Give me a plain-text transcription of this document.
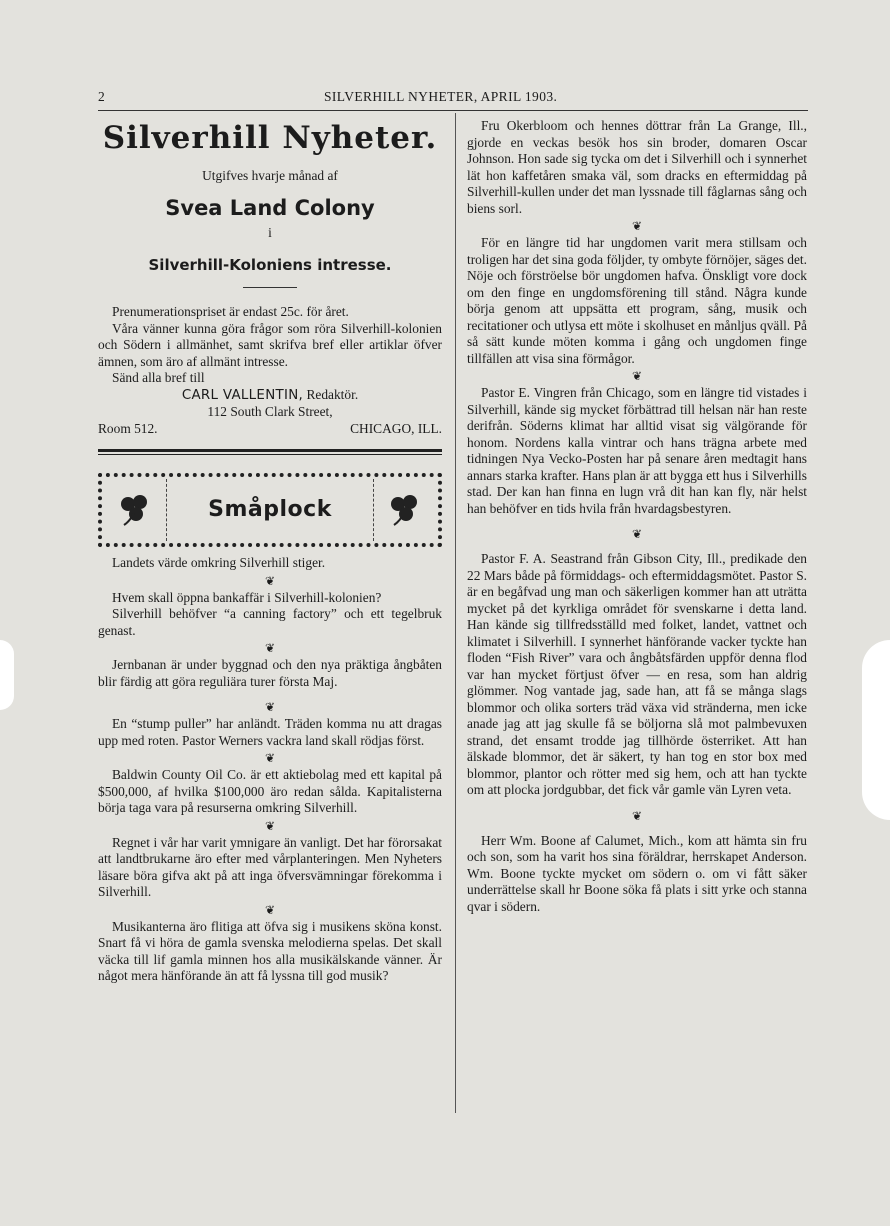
2	SILVERHILL NYHETER, APRIL 1903.
Silverhill Nyheter.
Utgifves hvarje månad af
Svea Land Colony
i
Silverhill-Koloniens intresse.

Prenumerationspriset är endast 25c. för året.

Våra vänner kunna göra frågor som röra Silverhill-kolonien och Södern i allmänhet, samt skrifva bref eller artiklar öfver ämnen, som äro af allmänt intresse.

Sänd alla bref till

CARL VALLENTIN, Redaktör.
112 South Clark Street,
Room 512.	CHICAGO, ILL.
Småplock

Landets värde omkring Silverhill stiger.

❦

Hvem skall öppna bankaffär i Silverhill-kolonien?

Silverhill behöfver “a canning factory” och ett tegelbruk genast.

❦

Jernbanan är under byggnad och den nya präktiga ångbåten blir färdig att göra reguliära turer första Maj.

❦

En “stump puller” har anländt. Träden komma nu att dragas upp med roten. Pastor Werners vackra land skall rödjas först.

❦

Baldwin County Oil Co. är ett aktiebolag med ett kapital på $500,000, af hvilka $100,000 äro redan sålda. Kapitalisterna börja taga vara på resurserna omkring Silverhill.

❦

Regnet i vår har varit ymnigare än vanligt. Det har förorsakat att landtbrukarne äro efter med vårplanteringen. Men Nyheters läsare böra gifva akt på att inga öfversvämningar förekomma i Silverhill.

❦

Musikanterna äro flitiga att öfva sig i musikens sköna konst. Snart få vi höra de gamla svenska melodierna spelas. Det skall väcka till lif gamla minnen hos alla musikälskande vänner. Är något mera hänförande än att få lyssna till god musik?

Fru Okerbloom och hennes döttrar från La Grange, Ill., gjorde en veckas besök hos sin broder, domaren Oscar Johnson. Hon sade sig tycka om det i Silverhill och i synnerhet lät hon kaffetåren smaka väl, som dracks en eftermiddag på Silverhill-kullen under det man lyssnade till fåglarnas sång och biens sorl.

❦

För en längre tid har ungdomen varit mera stillsam och troligen har det sina goda följder, ty ombyte förnöjer, säges det. Nöje och förströelse bör ungdomen hafva. Önskligt vore dock om den finge en ungdomsförening till stånd. Några kunde börja genom att uppsätta ett program, sång, musik och recitationer och utlysa ett möte i skolhuset en månljus qväll. På så sätt kunde möten komma i gång och ungdomen finge tillfällen att visa sina förmågor.

❦

Pastor E. Vingren från Chicago, som en längre tid vistades i Silverhill, kände sig mycket förbättrad till helsan när han reste derifrån. Söderns klimat har alltid visat sig välgörande för honom. Nordens kalla vintrar och hans trägna arbete med tidningen Nya Vecko-Posten har på senare åren medtagit hans annars starka krafter. Hans plan är att bygga ett hus i Silverhills stad. Der kan han finna en lugn vrå dit han kan fly, när helst han behöfver en tids hvila från hvardagsbestyren.

❦

Pastor F. A. Seastrand från Gibson City, Ill., predikade den 22 Mars både på förmiddags- och eftermiddagsmötet. Pastor S. är en begåfvad ung man och säkerligen kommer han att uträtta mycket på det kyrkliga området för svenskarne i detta land. Han kände sig tillfredsställd med folket, landet, vattnet och klimatet i Silverhill. I synnerhet hänförande vacker tyckte han floden “Fish River” vara och ångbåtsfärden uppför denna flod var han mycket förtjust öfver — en resa, som han aldrig glömmer. Nog vantade jag, sade han, att få se många slags blommor och olika sorters träd växa vid stränderna, men icke anade jag att jag skulle få se böljorna slå mot palmbevuxen strand, det ensamt trodde jag tillhörde österriket. Att han älskade blommor, det är säkert, ty han tog en stor box med blommor, plantor och rötter med sig hem, och att han tyckte om att plocka jordgubbar, det fick vår gamle vän Lyren veta.

❦

Herr Wm. Boone af Calumet, Mich., kom att hämta sin fru och son, som ha varit hos sina föräldrar, herrskapet Anderson. Wm. Boone tyckte mycket om södern o. om vi fått säker underrättelse skall hr Boone söka få plats i sitt yrke och stanna qvar i södern.
